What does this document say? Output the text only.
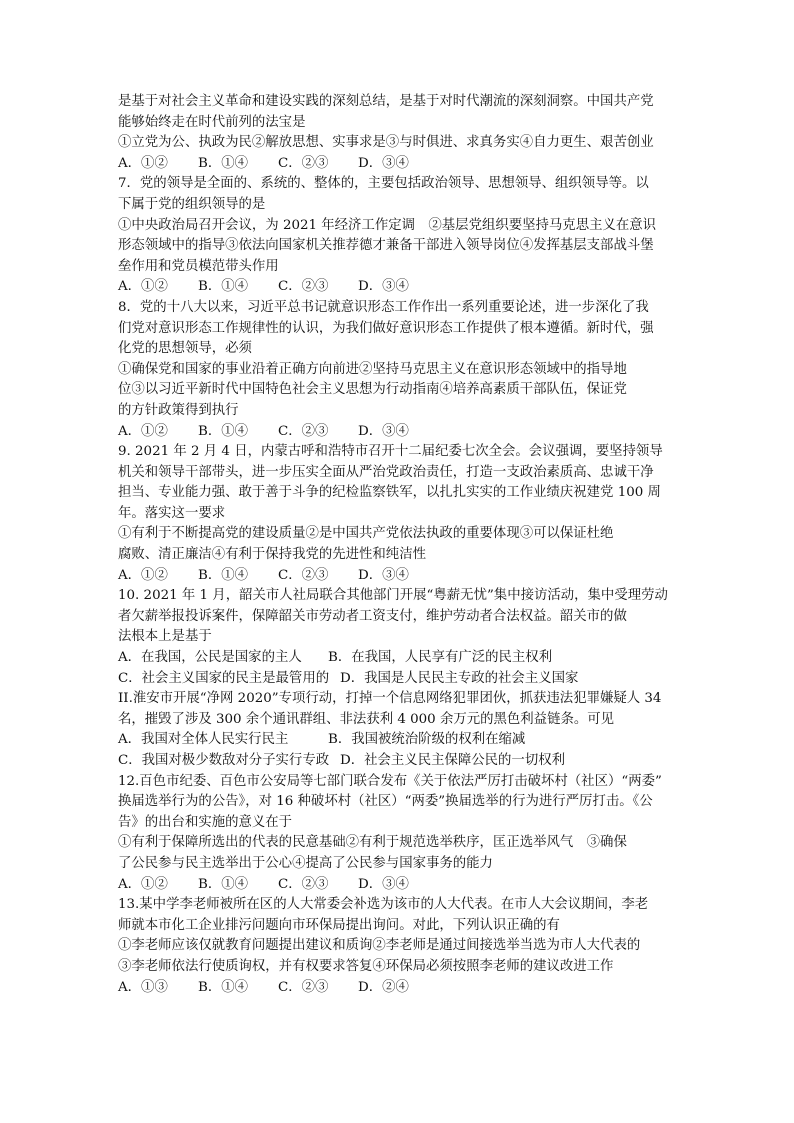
是基于对社会主义革命和建设实践的深刻总结，是基于对时代潮流的深刻洞察。中国共产党
能够始终走在时代前列的法宝是
①立党为公、执政为民②解放思想、实事求是③与时俱进、求真务实④自力更生、艰苦创业
A．①② B．①④ C．②③ D．③④
7．党的领导是全面的、系统的、整体的，主要包括政治领导、思想领导、组织领导等。以
下属于党的组织领导的是
①中央政治局召开会议，为 2021 年经济工作定调　②基层党组织要坚持马克思主义在意识
形态领域中的指导③依法向国家机关推荐德才兼备干部进入领导岗位④发挥基层支部战斗堡
垒作用和党员模范带头作用
A．①② B．①④ C．②③ D．③④
8．党的十八大以来，习近平总书记就意识形态工作作出一系列重要论述，进一步深化了我
们党对意识形态工作规律性的认识，为我们做好意识形态工作提供了根本遵循。新时代，强
化党的思想领导，必须
①确保党和国家的事业沿着正确方向前进②坚持马克思主义在意识形态领域中的指导地
位③以习近平新时代中国特色社会主义思想为行动指南④培养高素质干部队伍，保证党
的方针政策得到执行
A．①② B．①④ C．②③ D．③④
9. 2021 年 2 月 4 日，内蒙古呼和浩特市召开十二届纪委七次全会。会议强调，要坚持领导
机关和领导干部带头，进一步压实全面从严治党政治责任，打造一支政治素质高、忠诚干净
担当、专业能力强、敢于善于斗争的纪检监察铁军，以扎扎实实的工作业绩庆祝建党 100 周
年。落实这一要求
①有利于不断提高党的建设质量②是中国共产党依法执政的重要体现③可以保证杜绝
腐败、清正廉洁④有利于保持我党的先进性和纯洁性
A．①② B．①④ C．②③ D．③④
10. 2021 年 1 月，韶关市人社局联合其他部门开展“粤薪无忧”集中接访活动，集中受理劳动
者欠薪举报投诉案件，保障韶关市劳动者工资支付，维护劳动者合法权益。韶关市的做
法根本上是基于
A．在我国，公民是国家的主人 B．在我国，人民享有广泛的民主权利
C．社会主义国家的民主是最管用的 D．我国是人民民主专政的社会主义国家
II.淮安市开展“净网 2020”专项行动，打掉一个信息网络犯罪团伙，抓获违法犯罪嫌疑人 34
名，摧毁了涉及 300 余个通讯群组、非法获利 4 000 余万元的黑色利益链条。可见
A．我国对全体人民实行民主	B．我国被统治阶级的权利在缩减
C．我国对极少数敌对分子实行专政 D．社会主义民主保障公民的一切权利
12.百色市纪委、百色市公安局等七部门联合发布《关于依法严厉打击破坏村（社区）“两委”
换届选举行为的公告》，对 16 种破坏村（社区）“两委”换届选举的行为进行严厉打击。《公
告》的出台和实施的意义在于
①有利于保障所选出的代表的民意基础②有利于规范选举秩序，匡正选举风气　③确保
了公民参与民主选举出于公心④提高了公民参与国家事务的能力
A．①② B．①④ C．②③ D．③④
13.某中学李老师被所在区的人大常委会补选为该市的人大代表。在市人大会议期间，李老
师就本市化工企业排污问题向市环保局提出询问。对此，下列认识正确的有
①李老师应该仅就教育问题提出建议和质询②李老师是通过间接选举当选为市人大代表的
③李老师依法行使质询权，并有权要求答复④环保局必须按照李老师的建议改进工作
A．①③ B．①④ C．②③ D．②④
